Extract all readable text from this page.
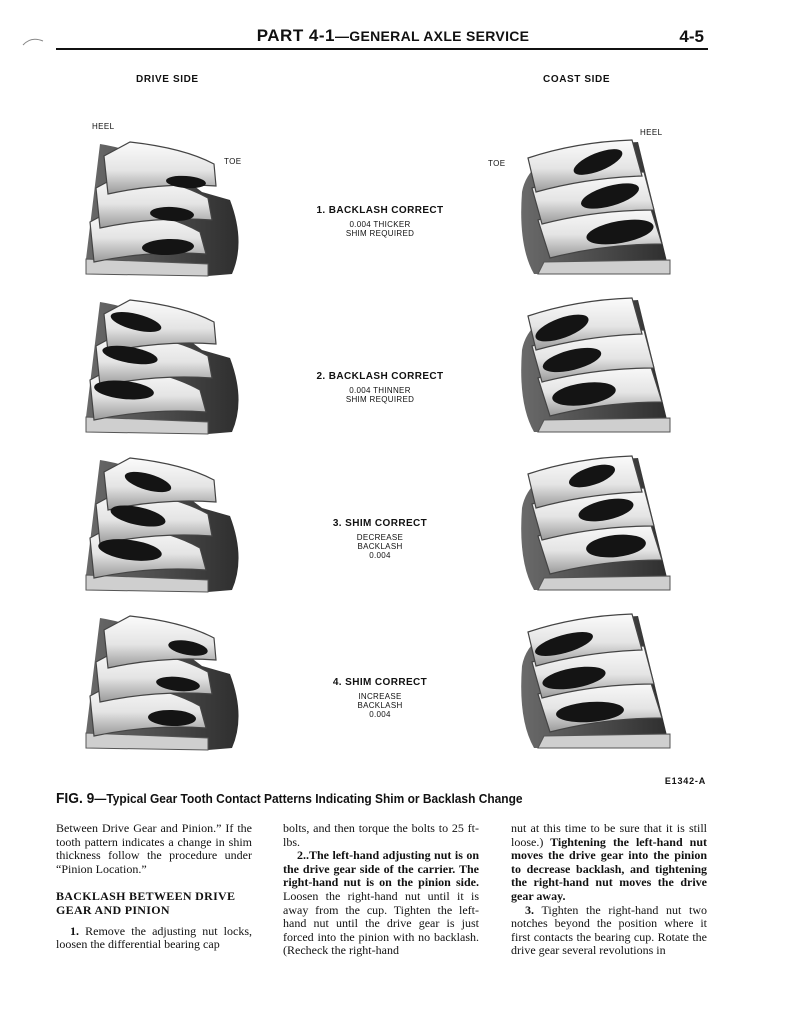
PART 4-1—GENERAL AXLE SERVICE	4-5
DRIVE SIDE	COAST SIDE
HEEL
TOE	TOE
HEEL
1. BACKLASH CORRECT
0.004 THICKER
SHIM REQUIRED
2. BACKLASH CORRECT
0.004 THINNER
SHIM REQUIRED
3. SHIM CORRECT
DECREASE
BACKLASH
0.004
4. SHIM CORRECT
INCREASE
BACKLASH
0.004
E1342-A
FIG. 9—Typical Gear Tooth Contact Patterns Indicating Shim or Backlash Change

Between Drive Gear and Pinion.” If the tooth pattern indicates a change in shim thickness follow the procedure under “Pinion Location.”

BACKLASH BETWEEN DRIVE GEAR AND PINION

1. Remove the adjusting nut locks, loosen the differential bearing cap

bolts, and then torque the bolts to 25 ft-lbs.

2..The left-hand adjusting nut is on the drive gear side of the carrier. The right-hand nut is on the pinion side. Loosen the right-hand nut until it is away from the cup. Tighten the left-hand nut until the drive gear is just forced into the pinion with no backlash. (Recheck the right-hand

nut at this time to be sure that it is still loose.) Tightening the left-hand nut moves the drive gear into the pinion to decrease backlash, and tightening the right-hand nut moves the drive gear away.

3. Tighten the right-hand nut two notches beyond the position where it first contacts the bearing cup. Rotate the drive gear several revolutions in
